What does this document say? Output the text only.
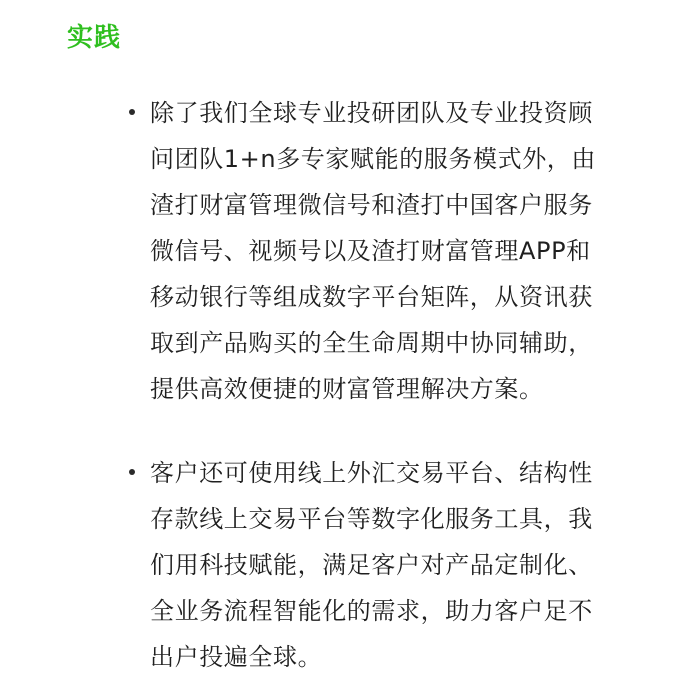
实践

除了我们全球专业投研团队及专业投资顾
问团队1+n多专家赋能的服务模式外，由
渣打财富管理微信号和渣打中国客户服务
微信号、视频号以及渣打财富管理APP和
移动银行等组成数字平台矩阵，从资讯获
取到产品购买的全生命周期中协同辅助，
提供高效便捷的财富管理解决方案。

客户还可使用线上外汇交易平台、结构性
存款线上交易平台等数字化服务工具，我
们用科技赋能，满足客户对产品定制化、
全业务流程智能化的需求，助力客户足不
出户投遍全球。
